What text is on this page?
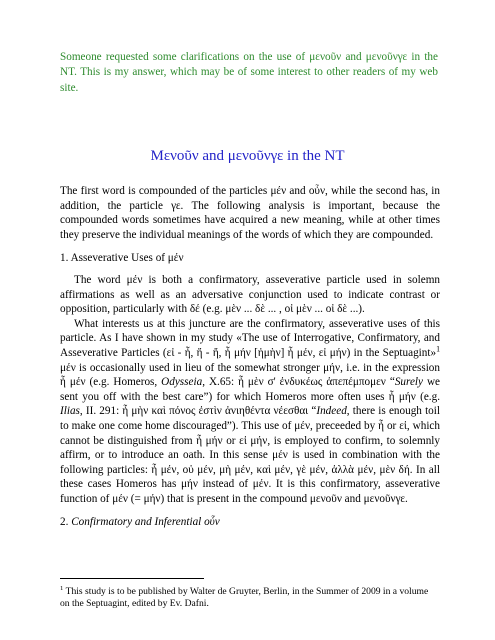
Someone requested some clarifications on the use of μενοῦν and μενοῦνγε in the NT. This is my answer, which may be of some interest to other readers of my web site.
Μενοῦν and μενοῦνγε in the NT

The first word is compounded of the particles μέν and οὖν, while the second has, in addition, the particle γε. The following analysis is important, because the compounded words sometimes have acquired a new meaning, while at other times they preserve the individual meanings of the words of which they are compounded.

1. Asseverative Uses of μέν

The word μέν is both a confirmatory, asseverative particle used in solemn affirmations as well as an adversative conjunction used to indicate contrast or opposition, particularly with δέ (e.g. μὲν ... δὲ ... , οἱ μὲν ... οἱ δὲ ...).

What interests us at this juncture are the confirmatory, asseverative uses of this particle. As I have shown in my study «The use of Interrogative, Confirmatory, and Asseverative Particles (εἰ - ἦ, ἤ - ἤ, ἦ μήν [ἠμὴν] ἦ μέν, εἰ μήν) in the Septuagint»$^1$ μέν is occasionally used in lieu of the somewhat stronger μήν, i.e. in the expression ἦ μέν (e.g. Homeros, Odysseia, X.65: ἦ μὲν σ' ἐνδυκέως ἀπεπέμπομεν “Surely we sent you off with the best care”) for which Homeros more often uses ἦ μήν (e.g. Ilias, II. 291: ἦ μὴν καὶ πόνος ἐστὶν ἀνιηθέντα νέεσθαι “Indeed, there is enough toil to make one come home discouraged”). This use of μέν, preceeded by ἦ or εἰ, which cannot be distinguished from ἦ μήν or εἰ μήν, is employed to confirm, to solemnly affirm, or to introduce an oath. In this sense μέν is used in combination with the following particles: ἦ μέν, οὐ μέν, μὴ μέν, καὶ μέν, γὲ μέν, ἀλλὰ μέν, μὲν δή. In all these cases Homeros has μήν instead of μέν. It is this confirmatory, asseverative function of μέν (= μήν) that is present in the compound μενοῦν and μενοῦνγε.

2. Confirmatory and Inferential οὖν

$^1$ This study is to be published by Walter de Gruyter, Berlin, in the Summer of 2009 in a volume on the Septuagint, edited by Ev. Dafni.
